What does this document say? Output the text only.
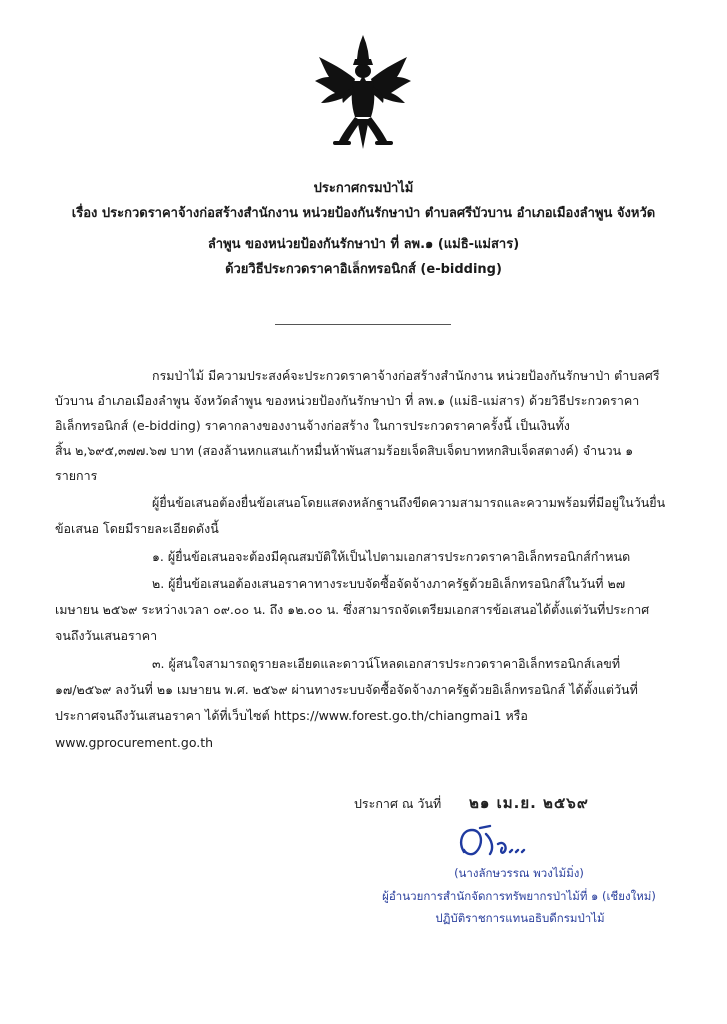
ประกาศกรมป่าไม้
เรื่อง ประกวดราคาจ้างก่อสร้างสำนักงาน หน่วยป้องกันรักษาป่า ตำบลศรีบัวบาน อำเภอเมืองลำพูน จังหวัด
ลำพูน ของหน่วยป้องกันรักษาป่า ที่ ลพ.๑ (แม่ธิ-แม่สาร)
ด้วยวิธีประกวดราคาอิเล็กทรอนิกส์ (e-bidding)
กรมป่าไม้ มีความประสงค์จะประกวดราคาจ้างก่อสร้างสำนักงาน หน่วยป้องกันรักษาป่า ตำบลศรี
บัวบาน อำเภอเมืองลำพูน จังหวัดลำพูน ของหน่วยป้องกันรักษาป่า ที่ ลพ.๑ (แม่ธิ-แม่สาร) ด้วยวิธีประกวดราคา
อิเล็กทรอนิกส์ (e-bidding) ราคากลางของงานจ้างก่อสร้าง ในการประกวดราคาครั้งนี้ เป็นเงินทั้ง
สิ้น ๒,๖๙๕,๓๗๗.๖๗ บาท (สองล้านหกแสนเก้าหมื่นห้าพันสามร้อยเจ็ดสิบเจ็ดบาทหกสิบเจ็ดสตางค์) จำนวน ๑
รายการ
ผู้ยื่นข้อเสนอต้องยื่นข้อเสนอโดยแสดงหลักฐานถึงขีดความสามารถและความพร้อมที่มีอยู่ในวันยื่น
ข้อเสนอ โดยมีรายละเอียดดังนี้
๑. ผู้ยื่นข้อเสนอจะต้องมีคุณสมบัติให้เป็นไปตามเอกสารประกวดราคาอิเล็กทรอนิกส์กำหนด
๒. ผู้ยื่นข้อเสนอต้องเสนอราคาทางระบบจัดซื้อจัดจ้างภาครัฐด้วยอิเล็กทรอนิกส์ในวันที่ ๒๗
เมษายน ๒๕๖๙ ระหว่างเวลา ๐๙.๐๐ น. ถึง ๑๒.๐๐ น. ซึ่งสามารถจัดเตรียมเอกสารข้อเสนอได้ตั้งแต่วันที่ประกาศ
จนถึงวันเสนอราคา
๓. ผู้สนใจสามารถดูรายละเอียดและดาวน์โหลดเอกสารประกวดราคาอิเล็กทรอนิกส์เลขที่
๑๗/๒๕๖๙ ลงวันที่ ๒๑ เมษายน พ.ศ. ๒๕๖๙ ผ่านทางระบบจัดซื้อจัดจ้างภาครัฐด้วยอิเล็กทรอนิกส์ ได้ตั้งแต่วันที่
ประกาศจนถึงวันเสนอราคา ได้ที่เว็บไซต์ https://www.forest.go.th/chiangmai1 หรือ
www.gprocurement.go.th
ประกาศ ณ วันที่ ๒๑ เม.ย. ๒๕๖๙
(นางลักษวรรณ พวงไม้มิ่ง)
ผู้อำนวยการสำนักจัดการทรัพยากรป่าไม้ที่ ๑ (เชียงใหม่)
ปฏิบัติราชการแทนอธิบดีกรมป่าไม้
